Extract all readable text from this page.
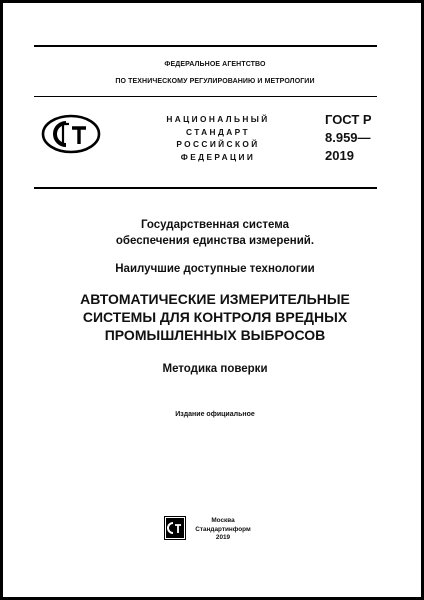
ФЕДЕРАЛЬНОЕ АГЕНТСТВО
ПО ТЕХНИЧЕСКОМУ РЕГУЛИРОВАНИЮ И МЕТРОЛОГИИ
НАЦИОНАЛЬНЫЙ
СТАНДАРТ
РОССИЙСКОЙ
ФЕДЕРАЦИИ
ГОСТ Р
8.959—
2019
Государственная система
обеспечения единства измерений.
Наилучшие доступные технологии
АВТОМАТИЧЕСКИЕ ИЗМЕРИТЕЛЬНЫЕ
СИСТЕМЫ ДЛЯ КОНТРОЛЯ ВРЕДНЫХ
ПРОМЫШЛЕННЫХ ВЫБРОСОВ
Методика поверки
Издание официальное
Москва
Стандартинформ
2019
